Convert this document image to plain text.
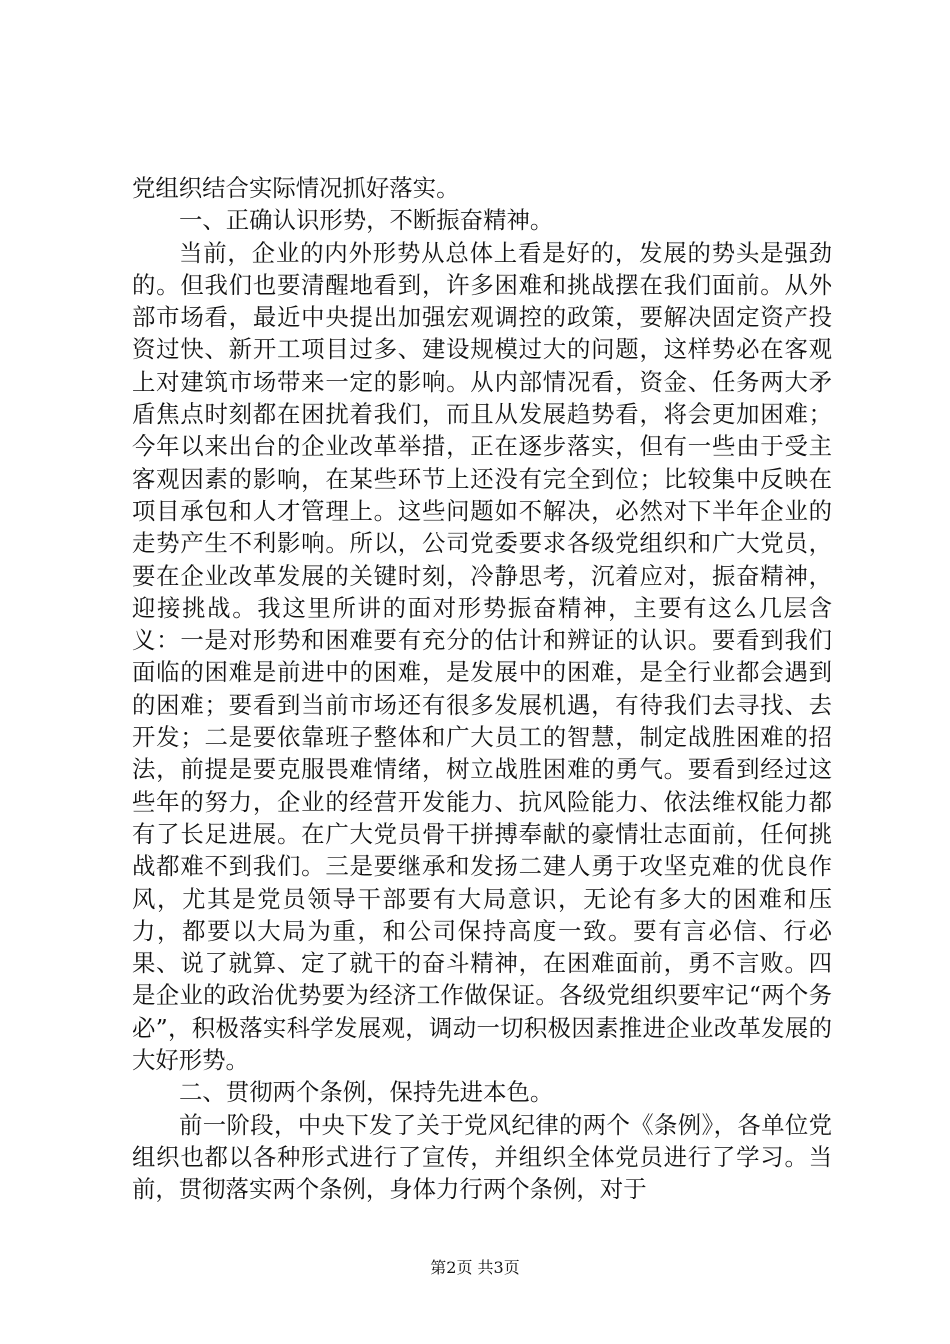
党组织结合实际情况抓好落实。

一、正确认识形势，不断振奋精神。

当前，企业的内外形势从总体上看是好的，发展的势头是强劲的。但我们也要清醒地看到，许多困难和挑战摆在我们面前。从外部市场看，最近中央提出加强宏观调控的政策，要解决固定资产投资过快、新开工项目过多、建设规模过大的问题，这样势必在客观上对建筑市场带来一定的影响。从内部情况看，资金、任务两大矛盾焦点时刻都在困扰着我们，而且从发展趋势看，将会更加困难；今年以来出台的企业改革举措，正在逐步落实，但有一些由于受主客观因素的影响，在某些环节上还没有完全到位；比较集中反映在项目承包和人才管理上。这些问题如不解决，必然对下半年企业的走势产生不利影响。所以，公司党委要求各级党组织和广大党员，要在企业改革发展的关键时刻，冷静思考，沉着应对，振奋精神，迎接挑战。我这里所讲的面对形势振奋精神，主要有这么几层含义：一是对形势和困难要有充分的估计和辨证的认识。要看到我们面临的困难是前进中的困难，是发展中的困难，是全行业都会遇到的困难；要看到当前市场还有很多发展机遇，有待我们去寻找、去开发；二是要依靠班子整体和广大员工的智慧，制定战胜困难的招法，前提是要克服畏难情绪，树立战胜困难的勇气。要看到经过这些年的努力，企业的经营开发能力、抗风险能力、依法维权能力都有了长足进展。在广大党员骨干拼搏奉献的豪情壮志面前，任何挑战都难不到我们。三是要继承和发扬二建人勇于攻坚克难的优良作风，尤其是党员领导干部要有大局意识，无论有多大的困难和压力，都要以大局为重，和公司保持高度一致。要有言必信、行必果、说了就算、定了就干的奋斗精神，在困难面前，勇不言败。四是企业的政治优势要为经济工作做保证。各级党组织要牢记“两个务必”，积极落实科学发展观，调动一切积极因素推进企业改革发展的大好形势。

二、贯彻两个条例，保持先进本色。

前一阶段，中央下发了关于党风纪律的两个《条例》，各单位党组织也都以各种形式进行了宣传，并组织全体党员进行了学习。当前，贯彻落实两个条例，身体力行两个条例，对于

第2页 共3页
